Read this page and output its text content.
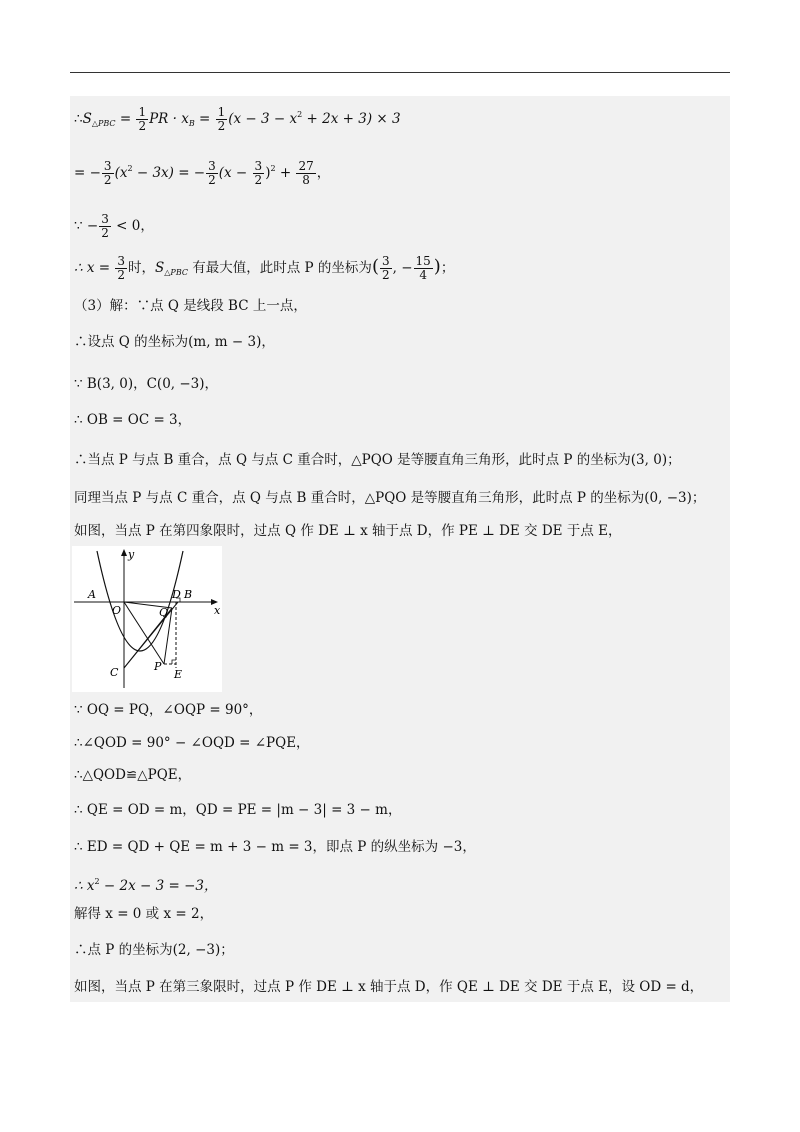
$\therefore S_{\triangle PBC} = \frac{1}{2}$ PR · $x_B = \frac{1}{2} (x - 3 - x^2 + 2x + 3) \times 3$
= − $\frac{3}{2} (x^2 - 3x)$ = − $\frac{3}{2} (x - \frac{3}{2} )^2 + \frac{27}{8}$ ，
∵ − $\frac{3}{2} < 0$，
∴ $x = \frac{3}{2}$ 时，$S_{\triangle PBC}$ 有最大值，此时点 P 的坐标为( $\frac{3}{2}$ , − $\frac{15}{4}$ )；
（3）解：∵点 Q 是线段 BC 上一点，
∴设点 Q 的坐标为(m, m − 3)，
∵ B(3, 0)，C(0, −3)，
∴ OB = OC = 3，
∴当点 P 与点 B 重合，点 Q 与点 C 重合时，△PQO 是等腰直角三角形，此时点 P 的坐标为(3, 0)；
同理当点 P 与点 C 重合，点 Q 与点 B 重合时，△PQO 是等腰直角三角形，此时点 P 的坐标为(0, −3)；
如图，当点 P 在第四象限时，过点 Q 作 DE ⊥ x 轴于点 D，作 PE ⊥ DE 交 DE 于点 E，
y
x
A
O
D B
Q
C	P
E
∵ OQ = PQ，∠OQP = 90°，
∴∠QOD = 90° − ∠OQD = ∠PQE，
∴△QOD≌△PQE，
∴ QE = OD = m，QD = PE = |m − 3| = 3 − m，
∴ ED = QD + QE = m + 3 − m = 3，即点 P 的纵坐标为 −3，
∴ $x^2 - 2x - 3 = -3$，
解得 x = 0 或 x = 2，
∴点 P 的坐标为(2, −3)；
如图，当点 P 在第三象限时，过点 P 作 DE ⊥ x 轴于点 D，作 QE ⊥ DE 交 DE 于点 E，设 OD = d，
